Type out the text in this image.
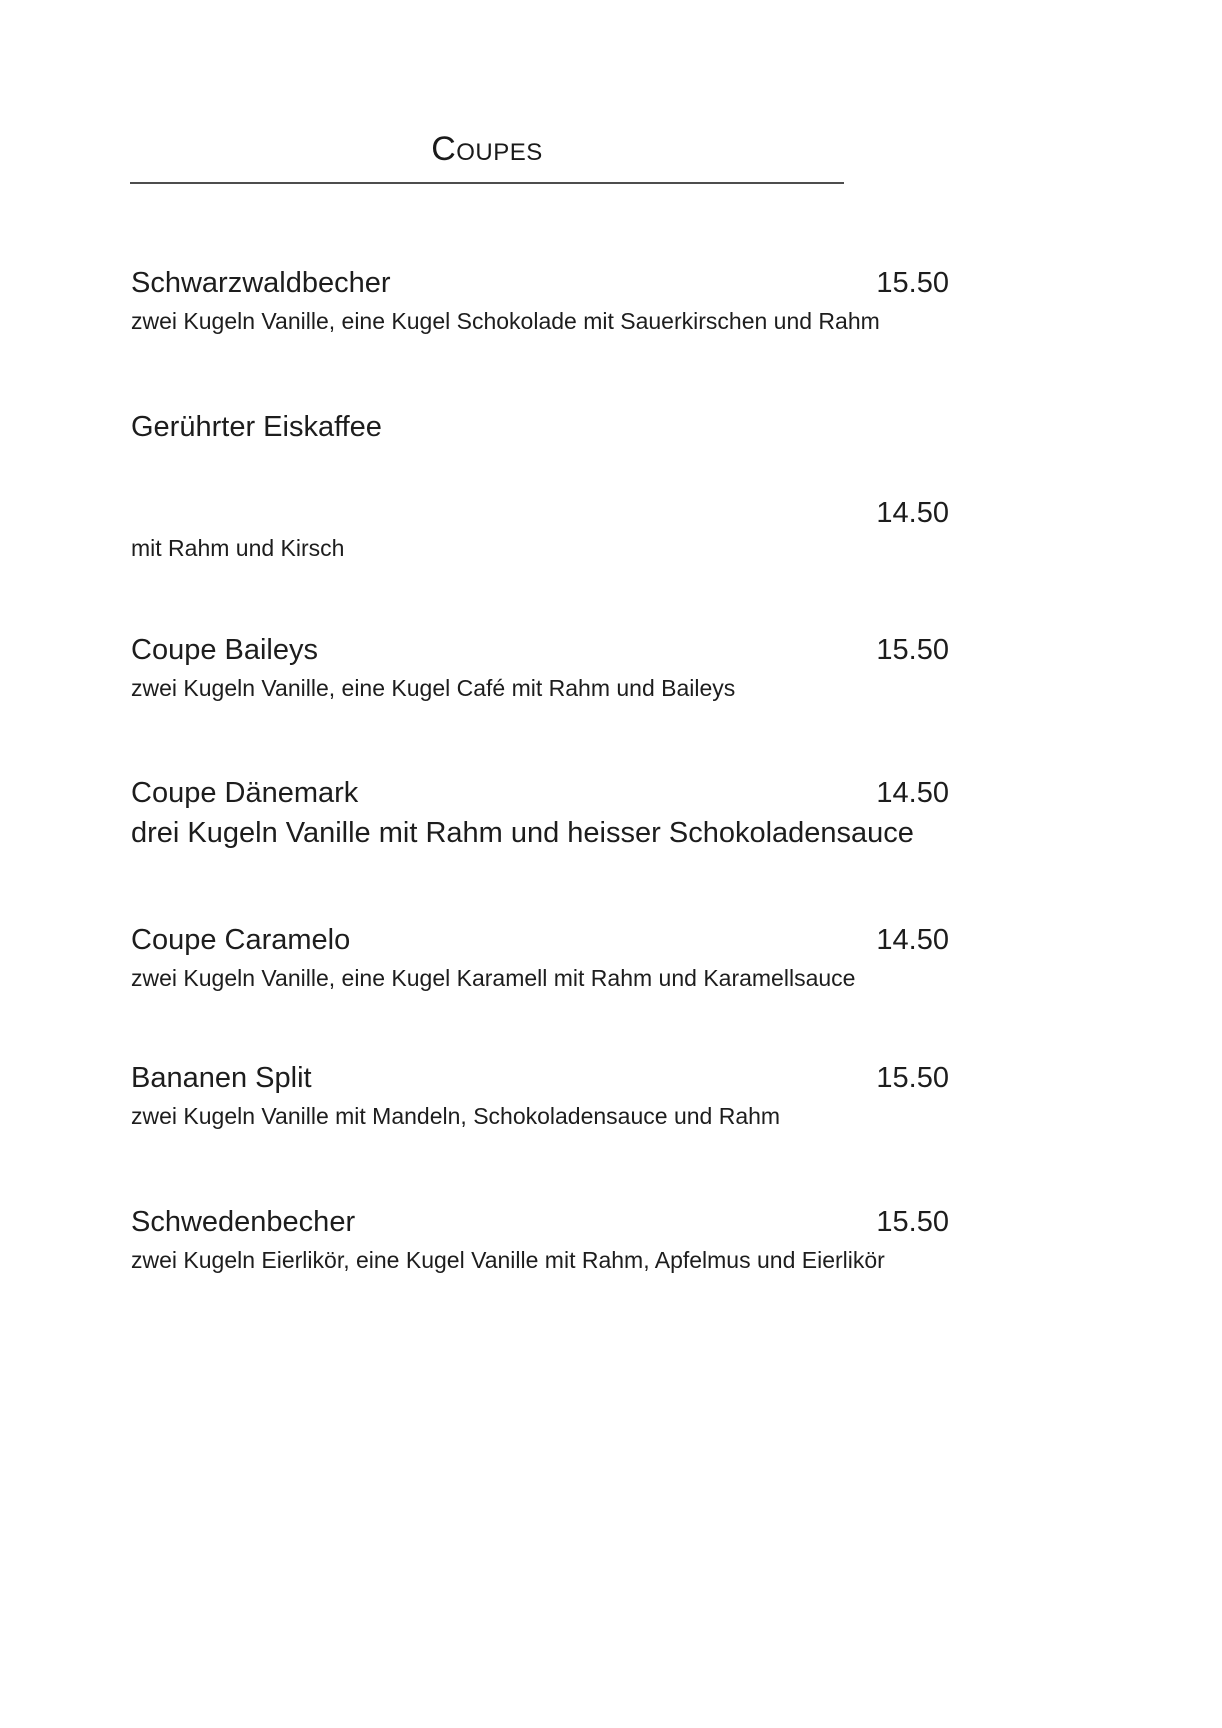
Coupes
Schwarzwaldbecher	15.50
zwei Kugeln Vanille, eine Kugel Schokolade mit Sauerkirschen und Rahm
Gerührter Eiskaffee
14.50
mit Rahm und Kirsch
Coupe Baileys	15.50
zwei Kugeln Vanille, eine Kugel Café mit Rahm und Baileys
Coupe Dänemark	14.50
drei Kugeln Vanille mit Rahm und heisser Schokoladensauce
Coupe Caramelo	14.50
zwei Kugeln Vanille, eine Kugel Karamell mit Rahm und Karamellsauce
Bananen Split	15.50
zwei Kugeln Vanille mit Mandeln, Schokoladensauce und Rahm
Schwedenbecher	15.50
zwei Kugeln Eierlikör, eine Kugel Vanille mit Rahm, Apfelmus und Eierlikör
